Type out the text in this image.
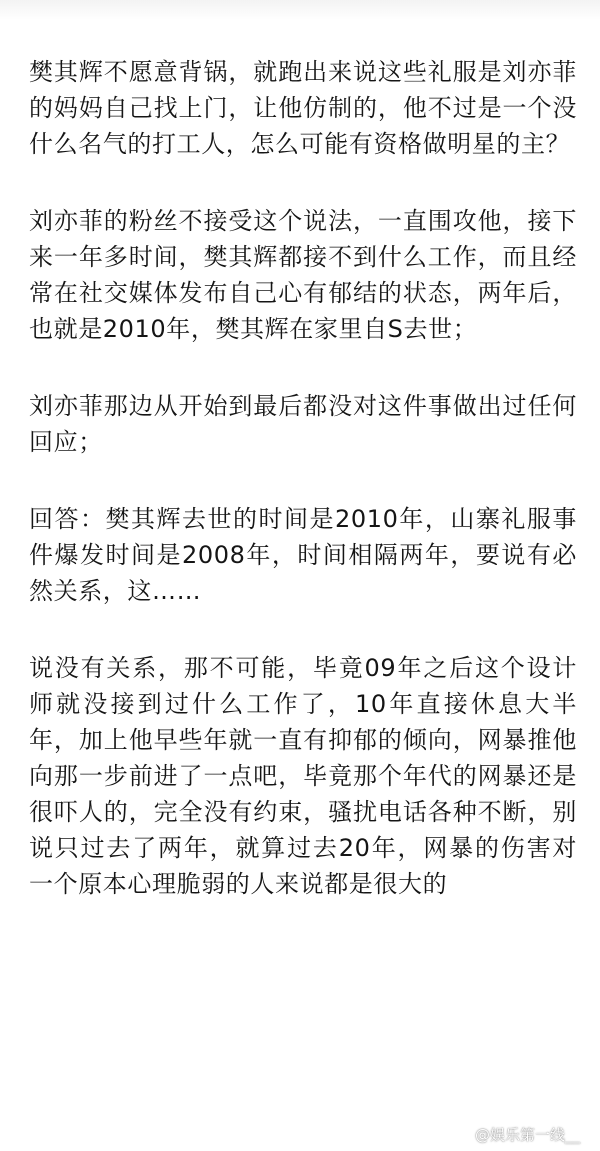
樊其辉不愿意背锅，就跑出来说这些礼服是刘亦菲的妈妈自己找上门，让他仿制的，他不过是一个没什么名气的打工人，怎么可能有资格做明星的主？

刘亦菲的粉丝不接受这个说法，一直围攻他，接下来一年多时间，樊其辉都接不到什么工作，而且经常在社交媒体发布自己心有郁结的状态，两年后，也就是2010年，樊其辉在家里自S去世；

刘亦菲那边从开始到最后都没对这件事做出过任何回应；

回答：樊其辉去世的时间是2010年，山寨礼服事件爆发时间是2008年，时间相隔两年，要说有必然关系，这……

说没有关系，那不可能，毕竟09年之后这个设计师就没接到过什么工作了，10年直接休息大半年，加上他早些年就一直有抑郁的倾向，网暴推他向那一步前进了一点吧，毕竟那个年代的网暴还是很吓人的，完全没有约束，骚扰电话各种不断，别说只过去了两年，就算过去20年，网暴的伤害对一个原本心理脆弱的人来说都是很大的

@娱乐第一线__
